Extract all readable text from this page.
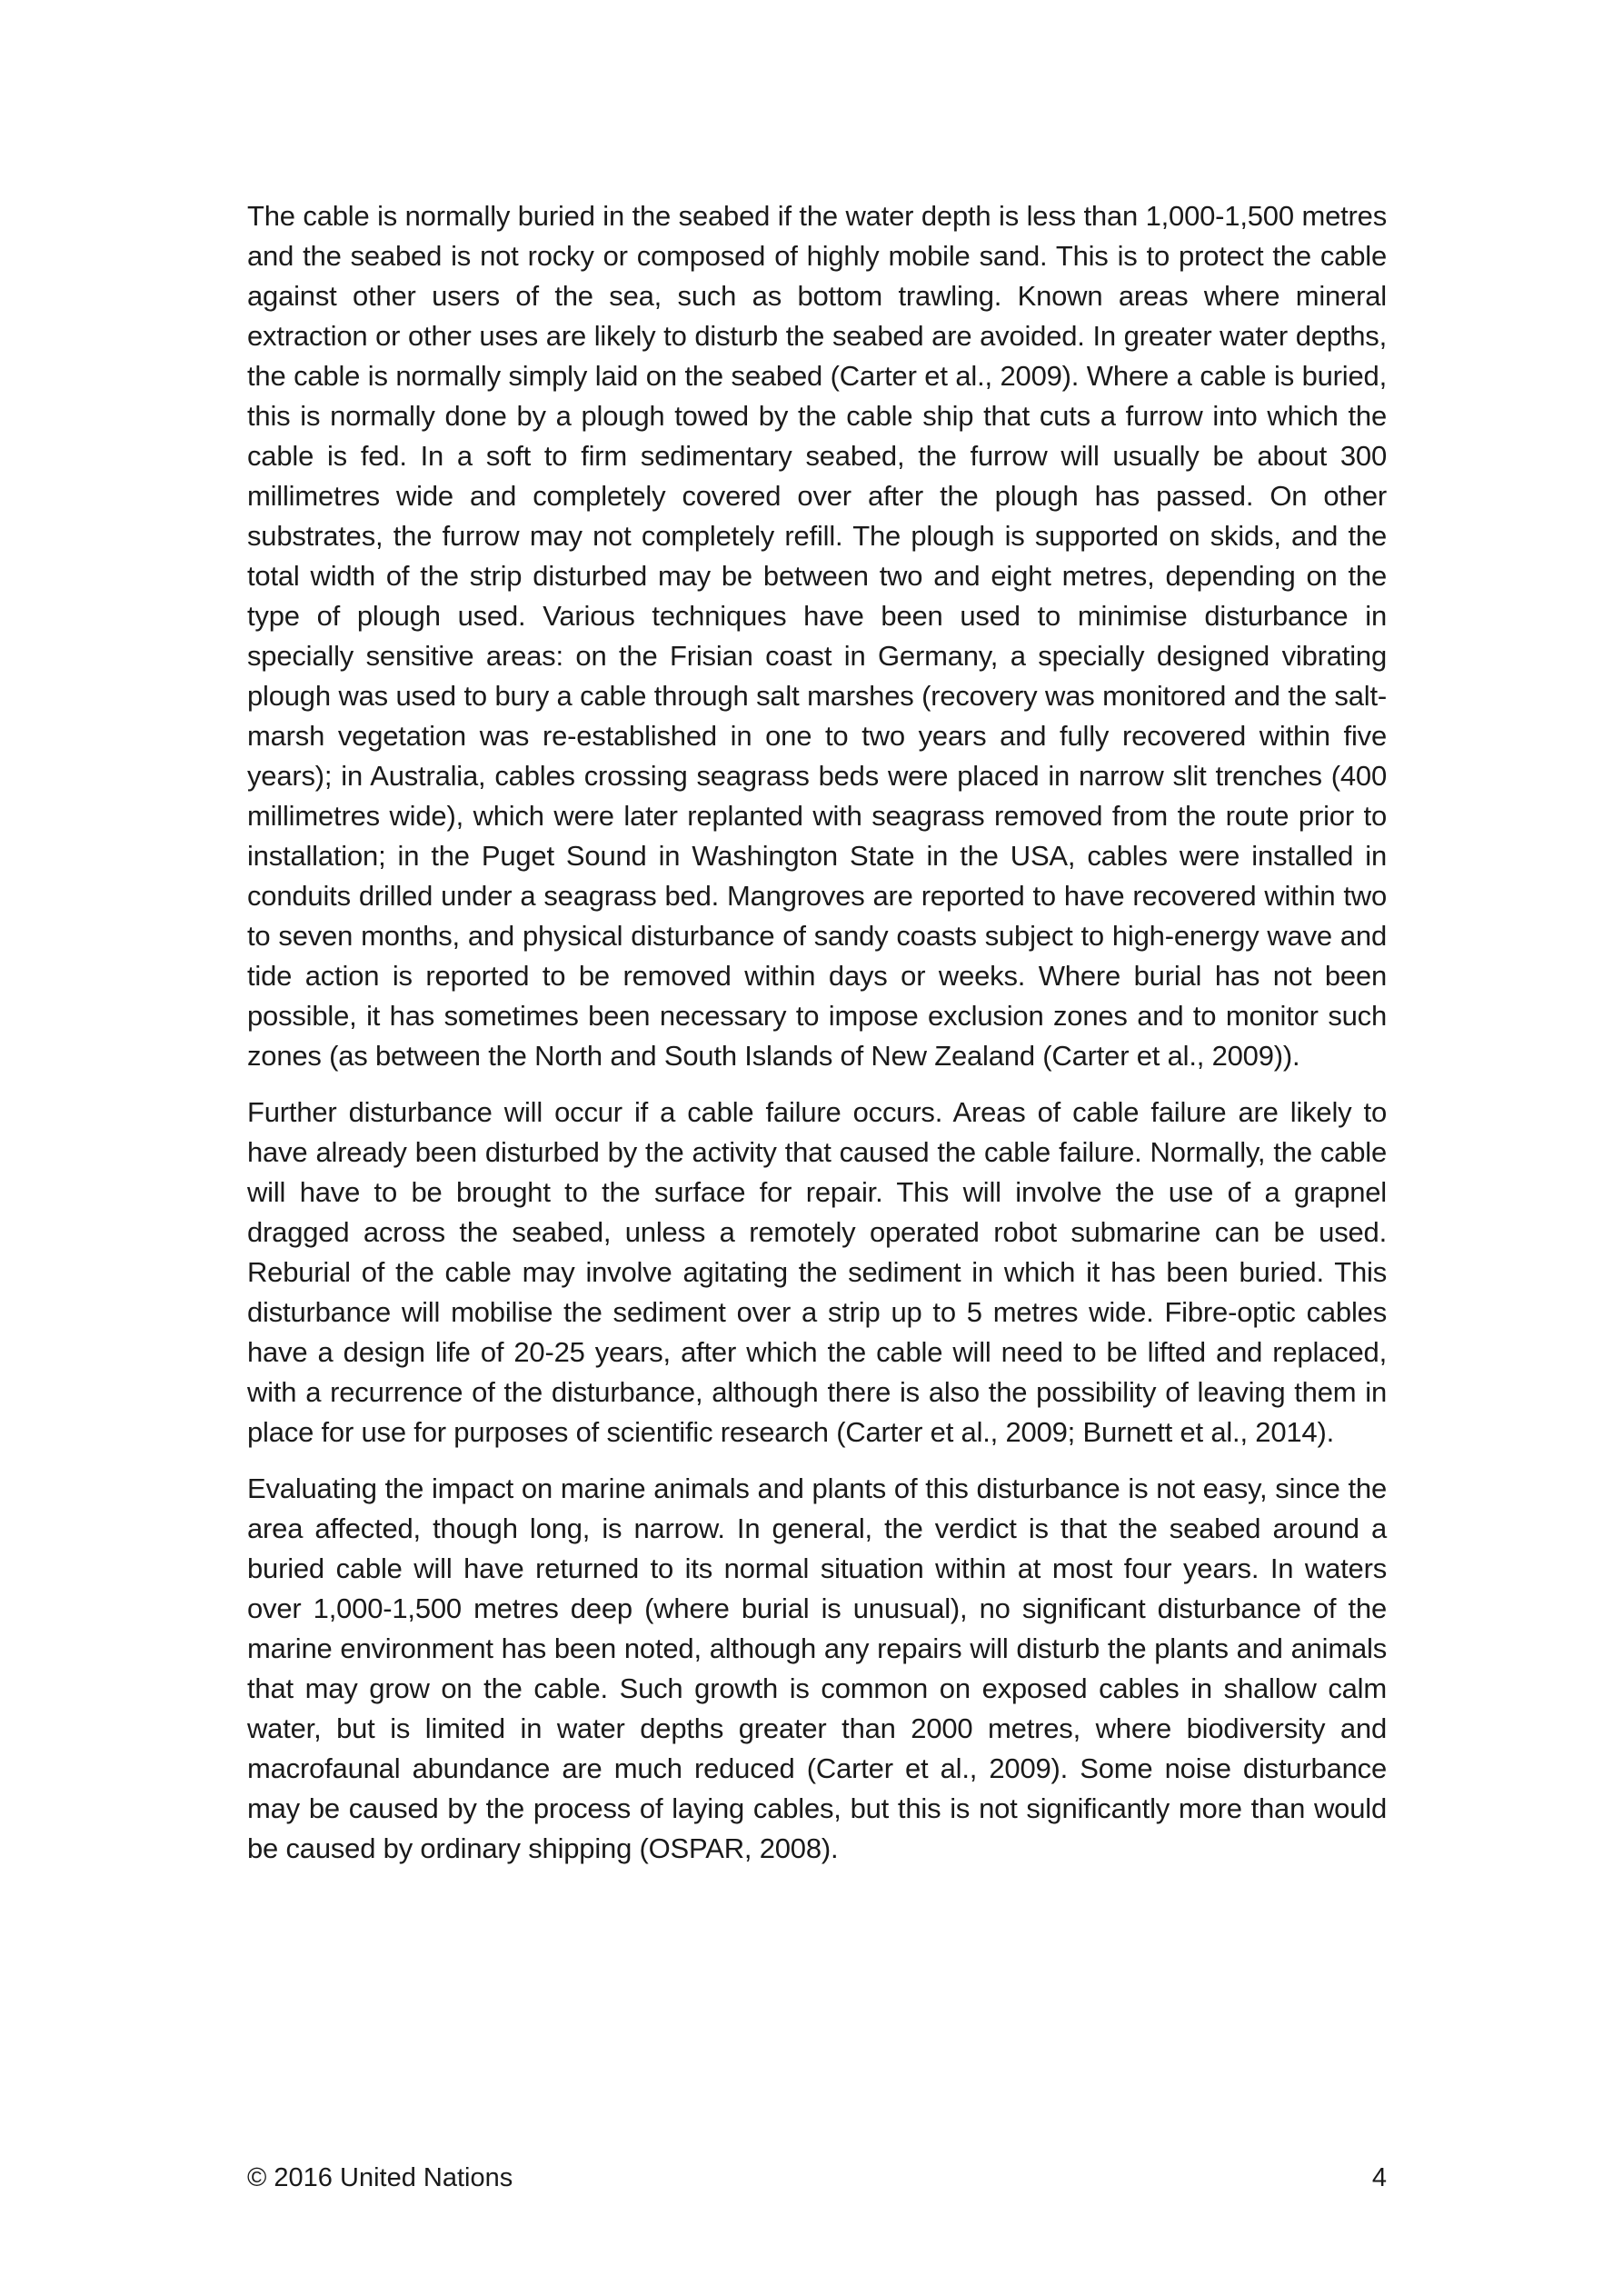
The cable is normally buried in the seabed if the water depth is less than 1,000-1,500 metres and the seabed is not rocky or composed of highly mobile sand. This is to protect the cable against other users of the sea, such as bottom trawling. Known areas where mineral extraction or other uses are likely to disturb the seabed are avoided. In greater water depths, the cable is normally simply laid on the seabed (Carter et al., 2009). Where a cable is buried, this is normally done by a plough towed by the cable ship that cuts a furrow into which the cable is fed. In a soft to firm sedimentary seabed, the furrow will usually be about 300 millimetres wide and completely covered over after the plough has passed. On other substrates, the furrow may not completely refill. The plough is supported on skids, and the total width of the strip disturbed may be between two and eight metres, depending on the type of plough used. Various techniques have been used to minimise disturbance in specially sensitive areas: on the Frisian coast in Germany, a specially designed vibrating plough was used to bury a cable through salt marshes (recovery was monitored and the salt-marsh vegetation was re-established in one to two years and fully recovered within five years); in Australia, cables crossing seagrass beds were placed in narrow slit trenches (400 millimetres wide), which were later replanted with seagrass removed from the route prior to installation; in the Puget Sound in Washington State in the USA, cables were installed in conduits drilled under a seagrass bed. Mangroves are reported to have recovered within two to seven months, and physical disturbance of sandy coasts subject to high-energy wave and tide action is reported to be removed within days or weeks. Where burial has not been possible, it has sometimes been necessary to impose exclusion zones and to monitor such zones (as between the North and South Islands of New Zealand (Carter et al., 2009)).

Further disturbance will occur if a cable failure occurs. Areas of cable failure are likely to have already been disturbed by the activity that caused the cable failure. Normally, the cable will have to be brought to the surface for repair. This will involve the use of a grapnel dragged across the seabed, unless a remotely operated robot submarine can be used. Reburial of the cable may involve agitating the sediment in which it has been buried. This disturbance will mobilise the sediment over a strip up to 5 metres wide. Fibre-optic cables have a design life of 20-25 years, after which the cable will need to be lifted and replaced, with a recurrence of the disturbance, although there is also the possibility of leaving them in place for use for purposes of scientific research (Carter et al., 2009; Burnett et al., 2014).

Evaluating the impact on marine animals and plants of this disturbance is not easy, since the area affected, though long, is narrow. In general, the verdict is that the seabed around a buried cable will have returned to its normal situation within at most four years. In waters over 1,000-1,500 metres deep (where burial is unusual), no significant disturbance of the marine environment has been noted, although any repairs will disturb the plants and animals that may grow on the cable. Such growth is common on exposed cables in shallow calm water, but is limited in water depths greater than 2000 metres, where biodiversity and macrofaunal abundance are much reduced (Carter et al., 2009). Some noise disturbance may be caused by the process of laying cables, but this is not significantly more than would be caused by ordinary shipping (OSPAR, 2008).

© 2016 United Nations	4
